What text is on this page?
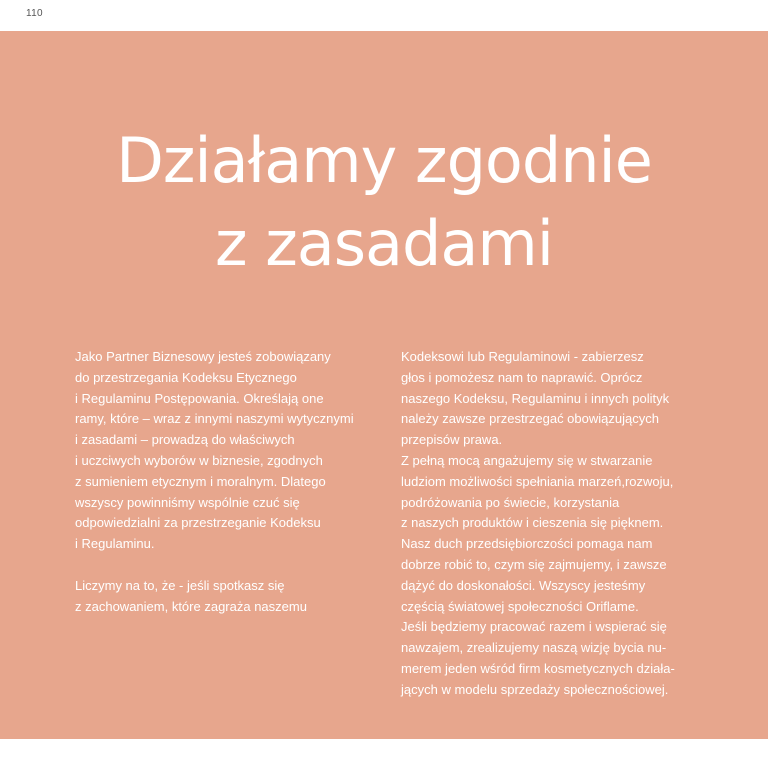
110
Działamy zgodnie
z zasadami

Jako Partner Biznesowy jesteś zobowiązany
do przestrzegania Kodeksu Etycznego
i Regulaminu Postępowania. Określają one
ramy, które – wraz z innymi naszymi wytycznymi
i zasadami – prowadzą do właściwych
i uczciwych wyborów w biznesie, zgodnych
z sumieniem etycznym i moralnym. Dlatego
wszyscy powinniśmy wspólnie czuć się
odpowiedzialni za przestrzeganie Kodeksu
i Regulaminu.

Liczymy na to, że - jeśli spotkasz się
z zachowaniem, które zagraża naszemu

Kodeksowi lub Regulaminowi - zabierzesz
głos i pomożesz nam to naprawić. Oprócz
naszego Kodeksu, Regulaminu i innych polityk
należy zawsze przestrzegać obowiązujących
przepisów prawa.

Z pełną mocą angażujemy się w stwarzanie
ludziom możliwości spełniania marzeń,rozwoju,
podróżowania po świecie, korzystania
z naszych produktów i cieszenia się pięknem.
Nasz duch przedsiębiorczości pomaga nam
dobrze robić to, czym się zajmujemy, i zawsze
dążyć do doskonałości. Wszyscy jesteśmy
częścią światowej społeczności Oriflame.
Jeśli będziemy pracować razem i wspierać się
nawzajem, zrealizujemy naszą wizję bycia nu-
merem jeden wśród firm kosmetycznych działa-
jących w modelu sprzedaży społecznościowej.
